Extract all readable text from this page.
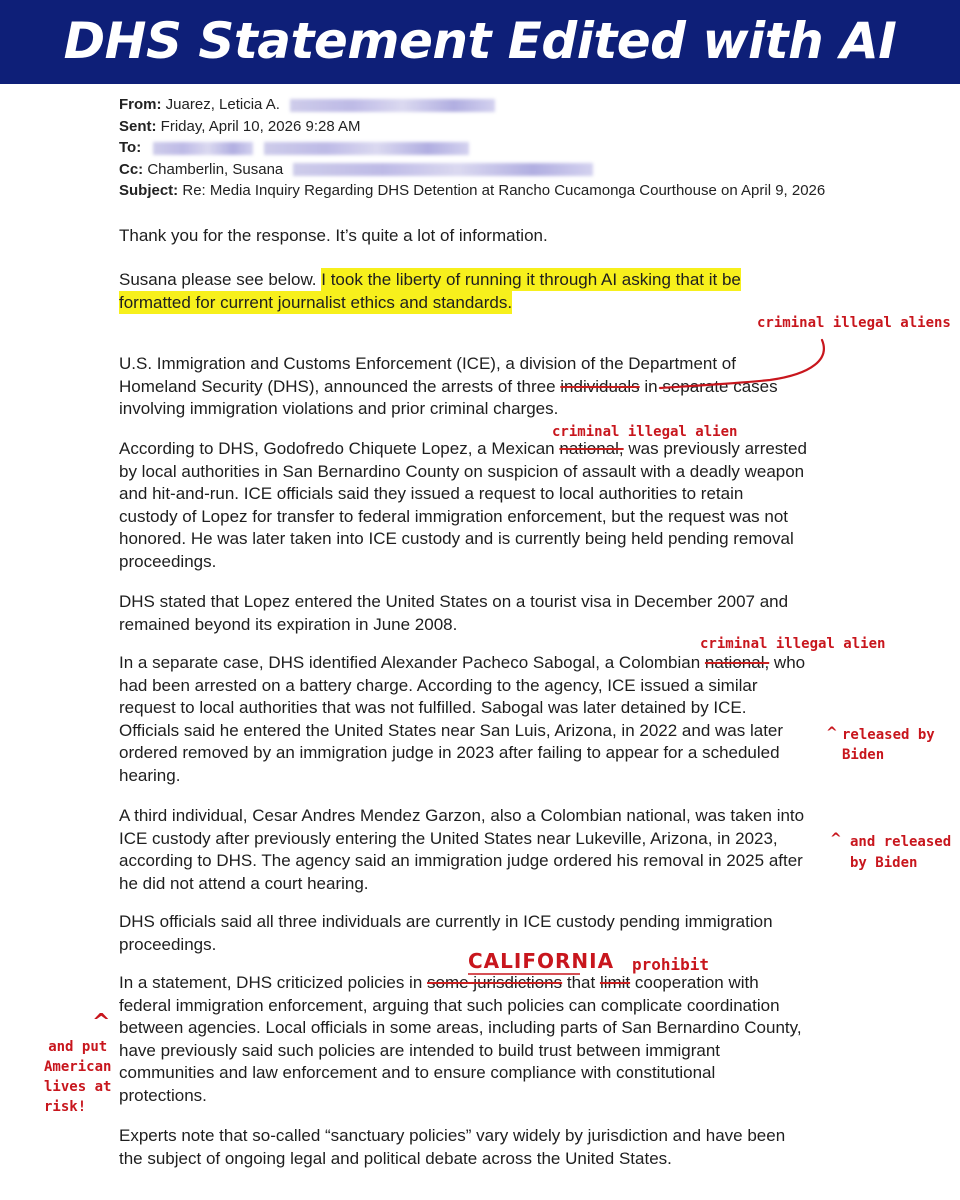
DHS Statement Edited with AI
From: Juarez, Leticia A.
Sent: Friday, April 10, 2026 9:28 AM
To:
Cc: Chamberlin, Susana
Subject: Re: Media Inquiry Regarding DHS Detention at Rancho Cucamonga Courthouse on April 9, 2026
Thank you for the response. It’s quite a lot of information.
Susana please see below. I took the liberty of running it through AI asking that it be
formatted for current journalist ethics and standards.
U.S. Immigration and Customs Enforcement (ICE), a division of the Department of
Homeland Security (DHS), announced the arrests of three individuals in separate cases
involving immigration violations and prior criminal charges.
According to DHS, Godofredo Chiquete Lopez, a Mexican national, was previously arrested
by local authorities in San Bernardino County on suspicion of assault with a deadly weapon
and hit-and-run. ICE officials said they issued a request to local authorities to retain
custody of Lopez for transfer to federal immigration enforcement, but the request was not
honored. He was later taken into ICE custody and is currently being held pending removal
proceedings.
DHS stated that Lopez entered the United States on a tourist visa in December 2007 and
remained beyond its expiration in June 2008.
In a separate case, DHS identified Alexander Pacheco Sabogal, a Colombian national, who
had been arrested on a battery charge. According to the agency, ICE issued a similar
request to local authorities that was not fulfilled. Sabogal was later detained by ICE.
Officials said he entered the United States near San Luis, Arizona, in 2022 and was later
ordered removed by an immigration judge in 2023 after failing to appear for a scheduled
hearing.
A third individual, Cesar Andres Mendez Garzon, also a Colombian national, was taken into
ICE custody after previously entering the United States near Lukeville, Arizona, in 2023,
according to DHS. The agency said an immigration judge ordered his removal in 2025 after
he did not attend a court hearing.
DHS officials said all three individuals are currently in ICE custody pending immigration
proceedings.
In a statement, DHS criticized policies in some jurisdictions that limit cooperation with
federal immigration enforcement, arguing that such policies can complicate coordination
between agencies. Local officials in some areas, including parts of San Bernardino County,
have previously said such policies are intended to build trust between immigrant
communities and law enforcement and to ensure compliance with constitutional
protections.
Experts note that so-called “sanctuary policies” vary widely by jurisdiction and have been
the subject of ongoing legal and political debate across the United States.
criminal illegal aliens
criminal illegal alien
criminal illegal alien
^ released by
Biden
^ and released
by Biden
CALIFORNIA prohibit
^
and put
American
lives at
risk!
